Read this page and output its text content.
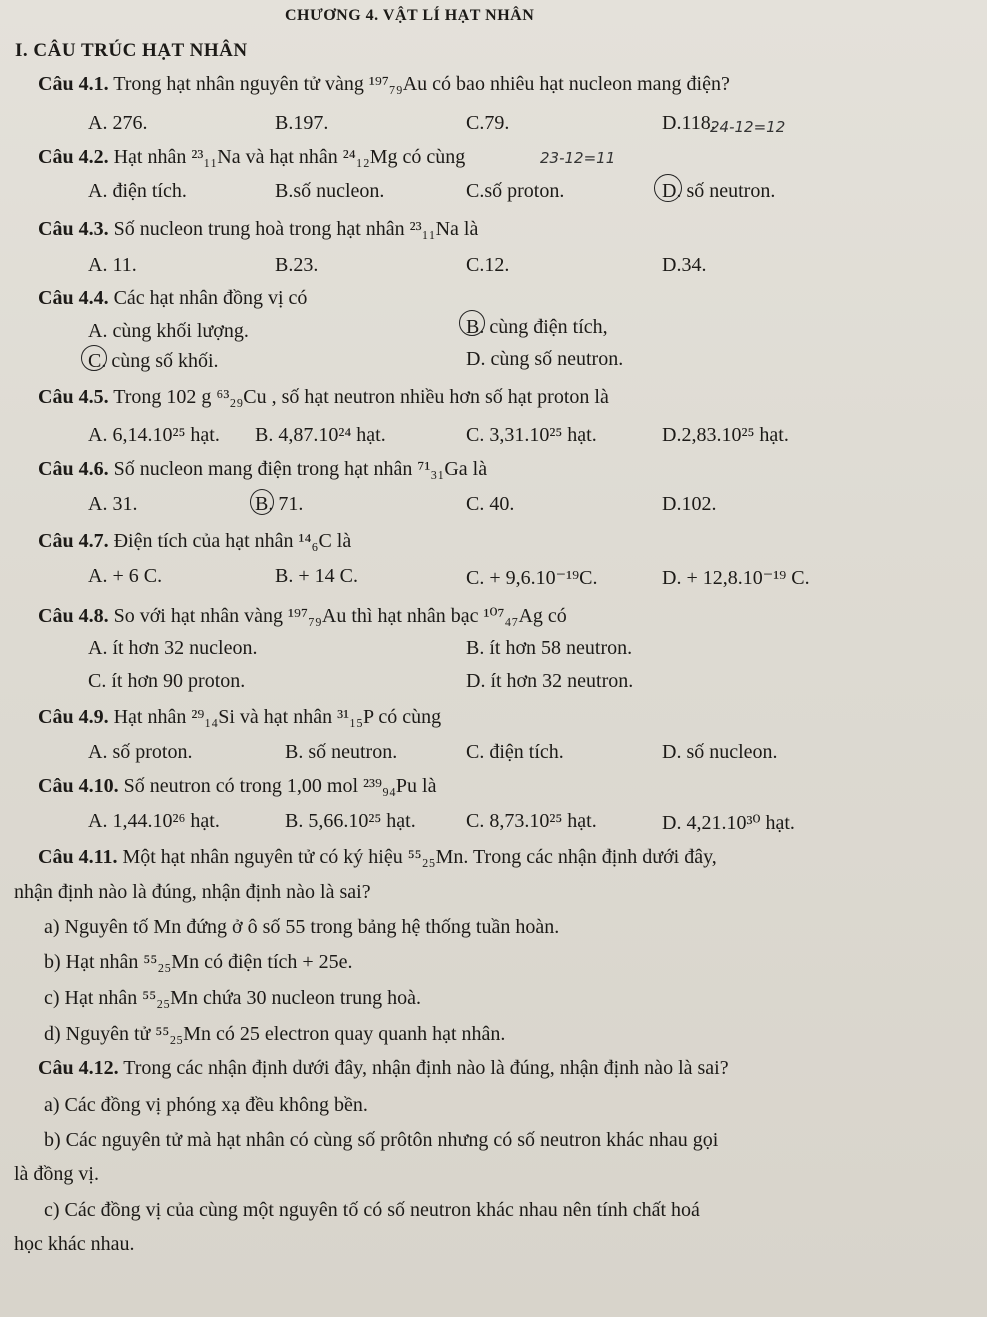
CHƯƠNG 4. VẬT LÍ HẠT NHÂN
I. CÂU TRÚC HẠT NHÂN
Câu 4.1. Trong hạt nhân nguyên tử vàng ¹⁹⁷₇₉Au có bao nhiêu hạt nucleon mang điện?
A. 276.	B.197.	C.79.	D.118.
Câu 4.2. Hạt nhân ²³₁₁Na và hạt nhân ²⁴₁₂Mg có cùng	23-12=11
24-12=12
A. điện tích.	B.số nucleon.	C.số proton.	D. số neutron.
Câu 4.3. Số nucleon trung hoà trong hạt nhân ²³₁₁Na là
A. 11.	B.23.	C.12.	D.34.
Câu 4.4. Các hạt nhân đồng vị có
A. cùng khối lượng.	B. cùng điện tích,
C. cùng số khối.	D. cùng số neutron.
Câu 4.5. Trong 102 g ⁶³₂₉Cu , số hạt neutron nhiều hơn số hạt proton là
A. 6,14.10²⁵ hạt. B. 4,87.10²⁴ hạt.	C. 3,31.10²⁵ hạt.	D.2,83.10²⁵ hạt.
Câu 4.6. Số nucleon mang điện trong hạt nhân ⁷¹₃₁Ga là
A. 31.	B. 71.	C. 40.	D.102.
Câu 4.7. Điện tích của hạt nhân ¹⁴₆C là
A. + 6 C.	B. + 14 C.	C. + 9,6.10⁻¹⁹C.	D. + 12,8.10⁻¹⁹ C.
Câu 4.8. So với hạt nhân vàng ¹⁹⁷₇₉Au thì hạt nhân bạc ¹⁰⁷₄₇Ag có
A. ít hơn 32 nucleon.	B. ít hơn 58 neutron.
C. ít hơn 90 proton.	D. ít hơn 32 neutron.
Câu 4.9. Hạt nhân ²⁹₁₄Si và hạt nhân ³¹₁₅P có cùng
A. số proton.	B. số neutron.	C. điện tích.	D. số nucleon.
Câu 4.10. Số neutron có trong 1,00 mol ²³⁹₉₄Pu là
A. 1,44.10²⁶ hạt.	B. 5,66.10²⁵ hạt.	C. 8,73.10²⁵ hạt.	D. 4,21.10³⁰ hạt.
Câu 4.11. Một hạt nhân nguyên tử có ký hiệu ⁵⁵₂₅Mn. Trong các nhận định dưới đây,
nhận định nào là đúng, nhận định nào là sai?
a) Nguyên tố Mn đứng ở ô số 55 trong bảng hệ thống tuần hoàn.
b) Hạt nhân ⁵⁵₂₅Mn có điện tích + 25e.
c) Hạt nhân ⁵⁵₂₅Mn chứa 30 nucleon trung hoà.
d) Nguyên tử ⁵⁵₂₅Mn có 25 electron quay quanh hạt nhân.
Câu 4.12. Trong các nhận định dưới đây, nhận định nào là đúng, nhận định nào là sai?
a) Các đồng vị phóng xạ đều không bền.
b) Các nguyên tử mà hạt nhân có cùng số prôtôn nhưng có số neutron khác nhau gọi
là đồng vị.
c) Các đồng vị của cùng một nguyên tố có số neutron khác nhau nên tính chất hoá
học khác nhau.
